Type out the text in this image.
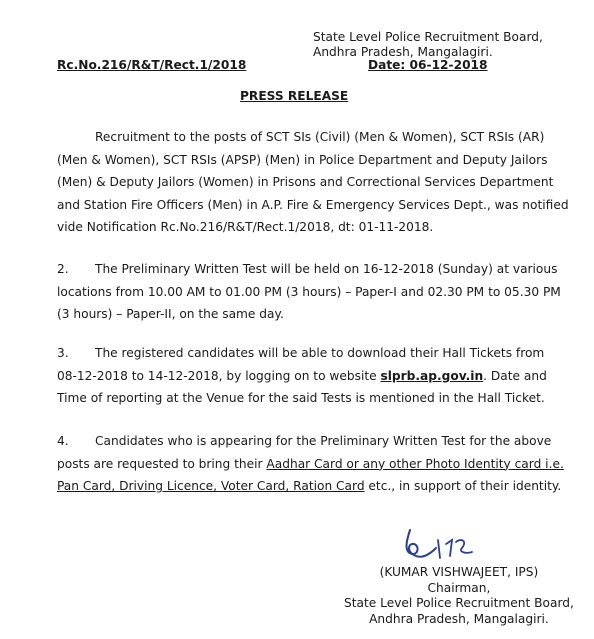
State Level Police Recruitment Board,
Andhra Pradesh, Mangalagiri.
Rc.No.216/R&T/Rect.1/2018	Date: 06-12-2018
PRESS RELEASE
Recruitment to the posts of SCT SIs (Civil) (Men & Women), SCT RSIs (AR)
(Men & Women), SCT RSIs (APSP) (Men) in Police Department and Deputy Jailors
(Men) & Deputy Jailors (Women) in Prisons and Correctional Services Department
and Station Fire Officers (Men) in A.P. Fire & Emergency Services Dept., was notified
vide Notification Rc.No.216/R&T/Rect.1/2018, dt: 01-11-2018.
2. The Preliminary Written Test will be held on 16-12-2018 (Sunday) at various
locations from 10.00 AM to 01.00 PM (3 hours) – Paper-I and 02.30 PM to 05.30 PM
(3 hours) – Paper-II, on the same day.
3. The registered candidates will be able to download their Hall Tickets from
08-12-2018 to 14-12-2018, by logging on to website slprb.ap.gov.in. Date and
Time of reporting at the Venue for the said Tests is mentioned in the Hall Ticket.
4. Candidates who is appearing for the Preliminary Written Test for the above
posts are requested to bring their Aadhar Card or any other Photo Identity card i.e.
Pan Card, Driving Licence, Voter Card, Ration Card etc., in support of their identity.
(KUMAR VISHWAJEET, IPS)
Chairman,
State Level Police Recruitment Board,
Andhra Pradesh, Mangalagiri.
